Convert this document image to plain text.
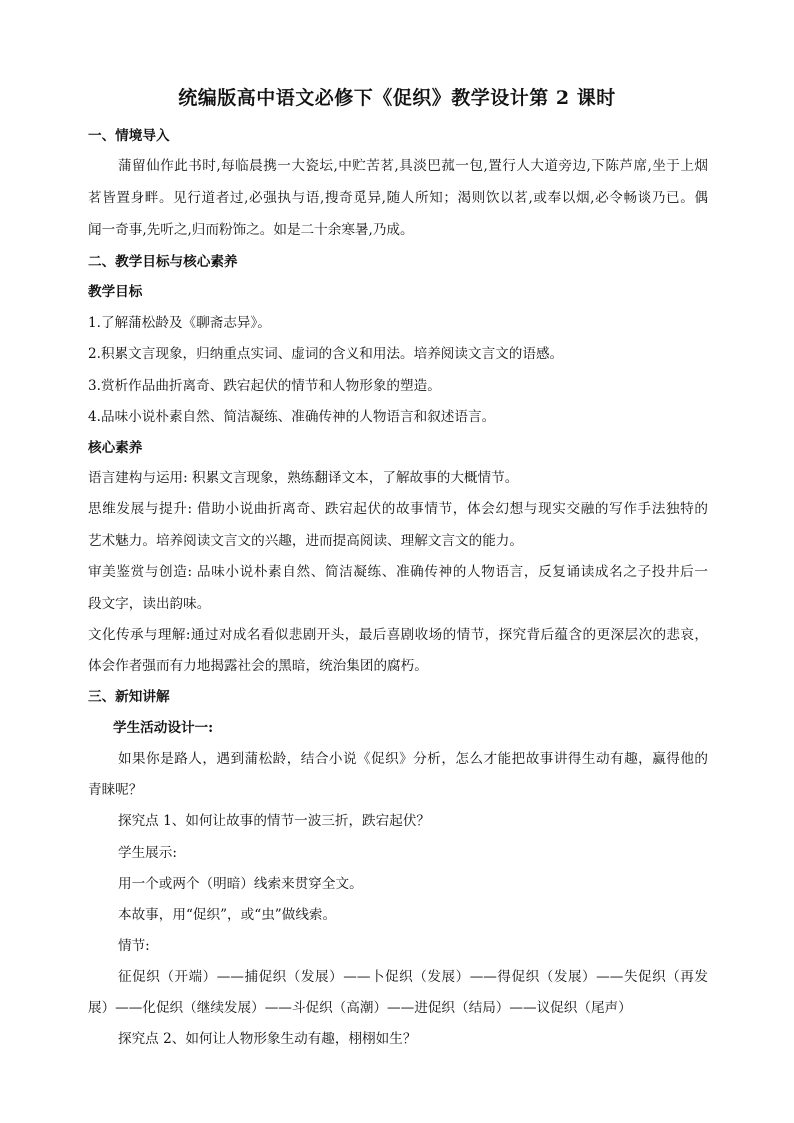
统编版高中语文必修下《促织》教学设计第 2 课时
一、情境导入
蒲留仙作此书时,每临晨携一大瓷坛,中贮苦茗,具淡巴菰一包,置行人大道旁边,下陈芦席,坐于上烟
茗皆置身畔。见行道者过,必强执与语,搜奇觅异,随人所知；渴则饮以茗,或奉以烟,必令畅谈乃已。偶
闻一奇事,先听之,归而粉饰之。如是二十余寒暑,乃成。
二、教学目标与核心素养
教学目标
1.了解蒲松龄及《聊斋志异》。
2.积累文言现象，归纳重点实词、虚词的含义和用法。培养阅读文言文的语感。
3.赏析作品曲折离奇、跌宕起伏的情节和人物形象的塑造。
4.品味小说朴素自然、简洁凝练、准确传神的人物语言和叙述语言。
核心素养
语言建构与运用: 积累文言现象，熟练翻译文本，了解故事的大概情节。
思维发展与提升: 借助小说曲折离奇、跌宕起伏的故事情节，体会幻想与现实交融的写作手法独特的
艺术魅力。培养阅读文言文的兴趣，进而提高阅读、理解文言文的能力。
审美鉴赏与创造: 品味小说朴素自然、简洁凝练、准确传神的人物语言，反复诵读成名之子投井后一
段文字，读出韵味。
文化传承与理解:通过对成名看似悲剧开头，最后喜剧收场的情节，探究背后蕴含的更深层次的悲哀，
体会作者强而有力地揭露社会的黑暗，统治集团的腐朽。
三、新知讲解
学生活动设计一:
如果你是路人，遇到蒲松龄，结合小说《促织》分析，怎么才能把故事讲得生动有趣，赢得他的
青睐呢？
探究点 1、如何让故事的情节一波三折，跌宕起伏？
学生展示:
用一个或两个（明暗）线索来贯穿全文。
本故事，用“促织”，或“虫”做线索。
情节:
征促织（开端）——捕促织（发展）——卜促织（发展）——得促织（发展）——失促织（再发
展）——化促织（继续发展）——斗促织（高潮）——进促织（结局）——议促织（尾声）
探究点 2、如何让人物形象生动有趣，栩栩如生？
